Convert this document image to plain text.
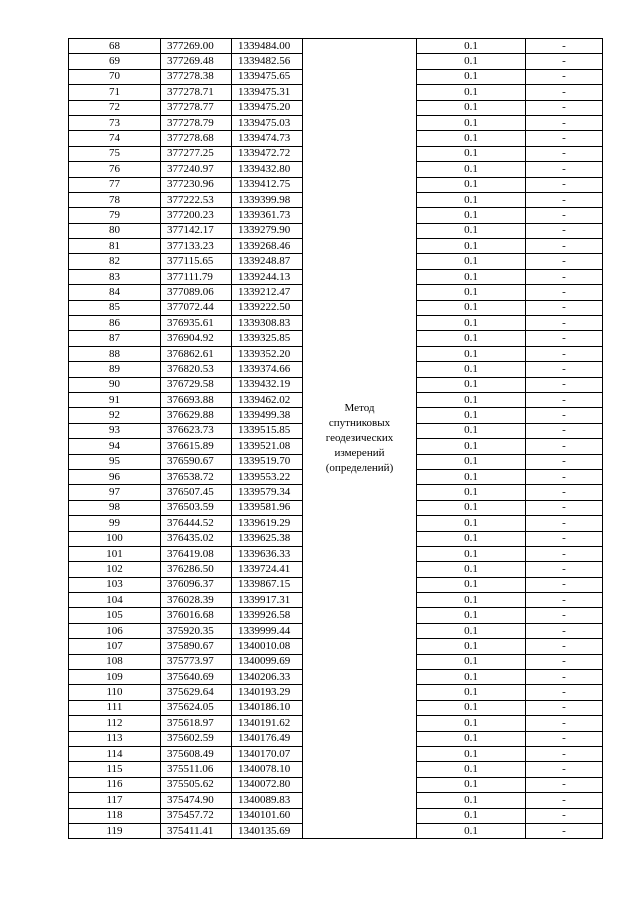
68	377269.00	1339484.00	Метод
спутниковых
геодезических
измерений
(определений)	0.1	-
69	377269.48	1339482.56		0.1	-
70	377278.38	1339475.65		0.1	-
71	377278.71	1339475.31		0.1	-
72	377278.77	1339475.20		0.1	-
73	377278.79	1339475.03		0.1	-
74	377278.68	1339474.73		0.1	-
75	377277.25	1339472.72		0.1	-
76	377240.97	1339432.80		0.1	-
77	377230.96	1339412.75		0.1	-
78	377222.53	1339399.98		0.1	-
79	377200.23	1339361.73		0.1	-
80	377142.17	1339279.90		0.1	-
81	377133.23	1339268.46		0.1	-
82	377115.65	1339248.87		0.1	-
83	377111.79	1339244.13		0.1	-
84	377089.06	1339212.47		0.1	-
85	377072.44	1339222.50		0.1	-
86	376935.61	1339308.83		0.1	-
87	376904.92	1339325.85		0.1	-
88	376862.61	1339352.20		0.1	-
89	376820.53	1339374.66		0.1	-
90	376729.58	1339432.19		0.1	-
91	376693.88	1339462.02		0.1	-
92	376629.88	1339499.38		0.1	-
93	376623.73	1339515.85		0.1	-
94	376615.89	1339521.08		0.1	-
95	376590.67	1339519.70		0.1	-
96	376538.72	1339553.22		0.1	-
97	376507.45	1339579.34		0.1	-
98	376503.59	1339581.96		0.1	-
99	376444.52	1339619.29		0.1	-
100	376435.02	1339625.38		0.1	-
101	376419.08	1339636.33		0.1	-
102	376286.50	1339724.41		0.1	-
103	376096.37	1339867.15		0.1	-
104	376028.39	1339917.31		0.1	-
105	376016.68	1339926.58		0.1	-
106	375920.35	1339999.44		0.1	-
107	375890.67	1340010.08		0.1	-
108	375773.97	1340099.69		0.1	-
109	375640.69	1340206.33		0.1	-
110	375629.64	1340193.29		0.1	-
111	375624.05	1340186.10		0.1	-
112	375618.97	1340191.62		0.1	-
113	375602.59	1340176.49		0.1	-
114	375608.49	1340170.07		0.1	-
115	375511.06	1340078.10		0.1	-
116	375505.62	1340072.80		0.1	-
117	375474.90	1340089.83		0.1	-
118	375457.72	1340101.60		0.1	-
119	375411.41	1340135.69		0.1	-
